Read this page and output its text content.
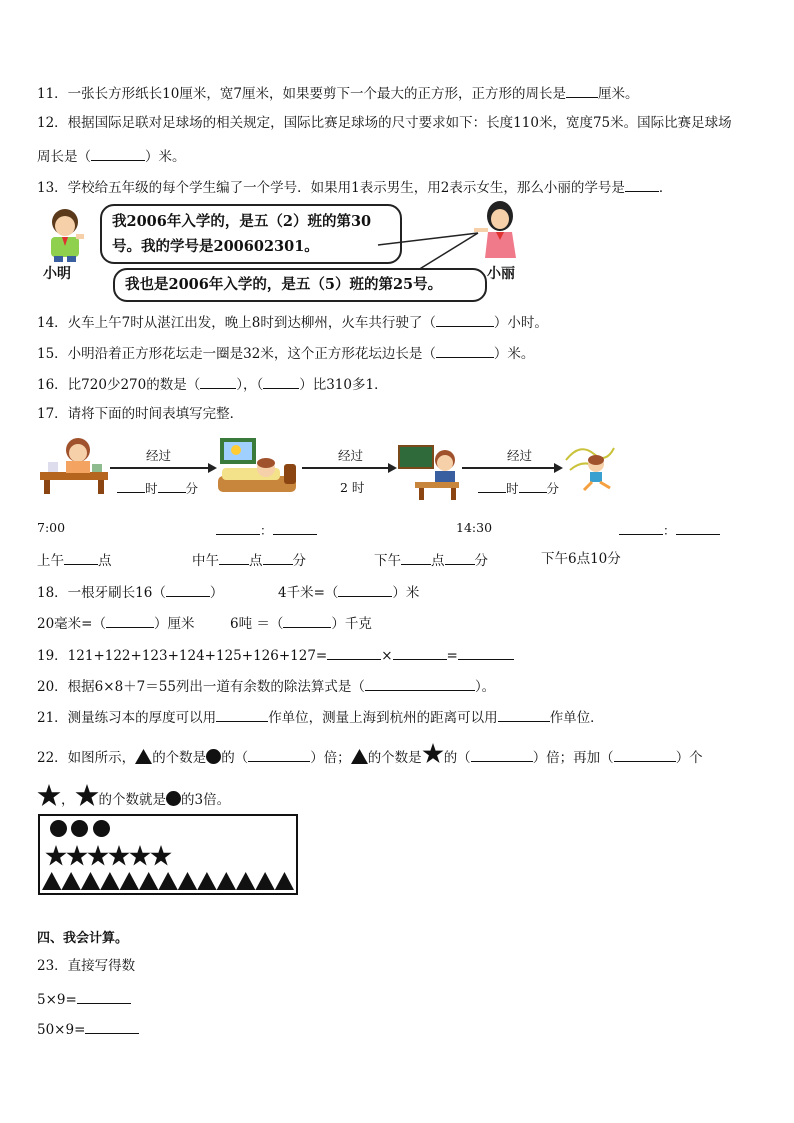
11．一张长方形纸长10厘米，宽7厘米，如果要剪下一个最大的正方形，正方形的周长是 厘米。
12．根据国际足联对足球场的相关规定，国际比赛足球场的尺寸要求如下：长度110米，宽度75米。国际比赛足球场
周长是（	）米。
13．学校给五年级的每个学生编了一个学号．如果用1表示男生，用2表示女生，那么小丽的学号是	．
小明
我2006年入学的，是五（2）班的第30号。我的学号是200602301。
小丽
我也是2006年入学的，是五（5）班的第25号。
14．火车上午7时从湛江出发，晚上8时到达柳州，火车共行驶了（	）小时。
15．小明沿着正方形花坛走一圈是32米，这个正方形花坛边长是（	）米。
16．比720少270的数是（	），（	）比310多1．
17．请将下面的时间表填写完整．
经过	经过	经过
时 分	2 时	时 分
7:00	：	14:30	：
上午	点	中午 点 分	下午 点 分	下午6点10分
18．一根牙刷长16（	）	4千米=（	）米
20毫米=（	）厘米	6吨 ＝（	）千克
19．121+122+123+124+125+126+127=	×	=
20．根据6×8＋7＝55列出一道有余数的除法算式是（	）。
21．测量练习本的厚度可以用	作单位，测量上海到杭州的距离可以用	作单位．
22．如图所示， 的个数是 的（	）倍； 的个数是 的（	）倍；再加（	）个
， 的个数就是 的3倍。
四、我会计算。
23．直接写得数
5×9=
50×9=
